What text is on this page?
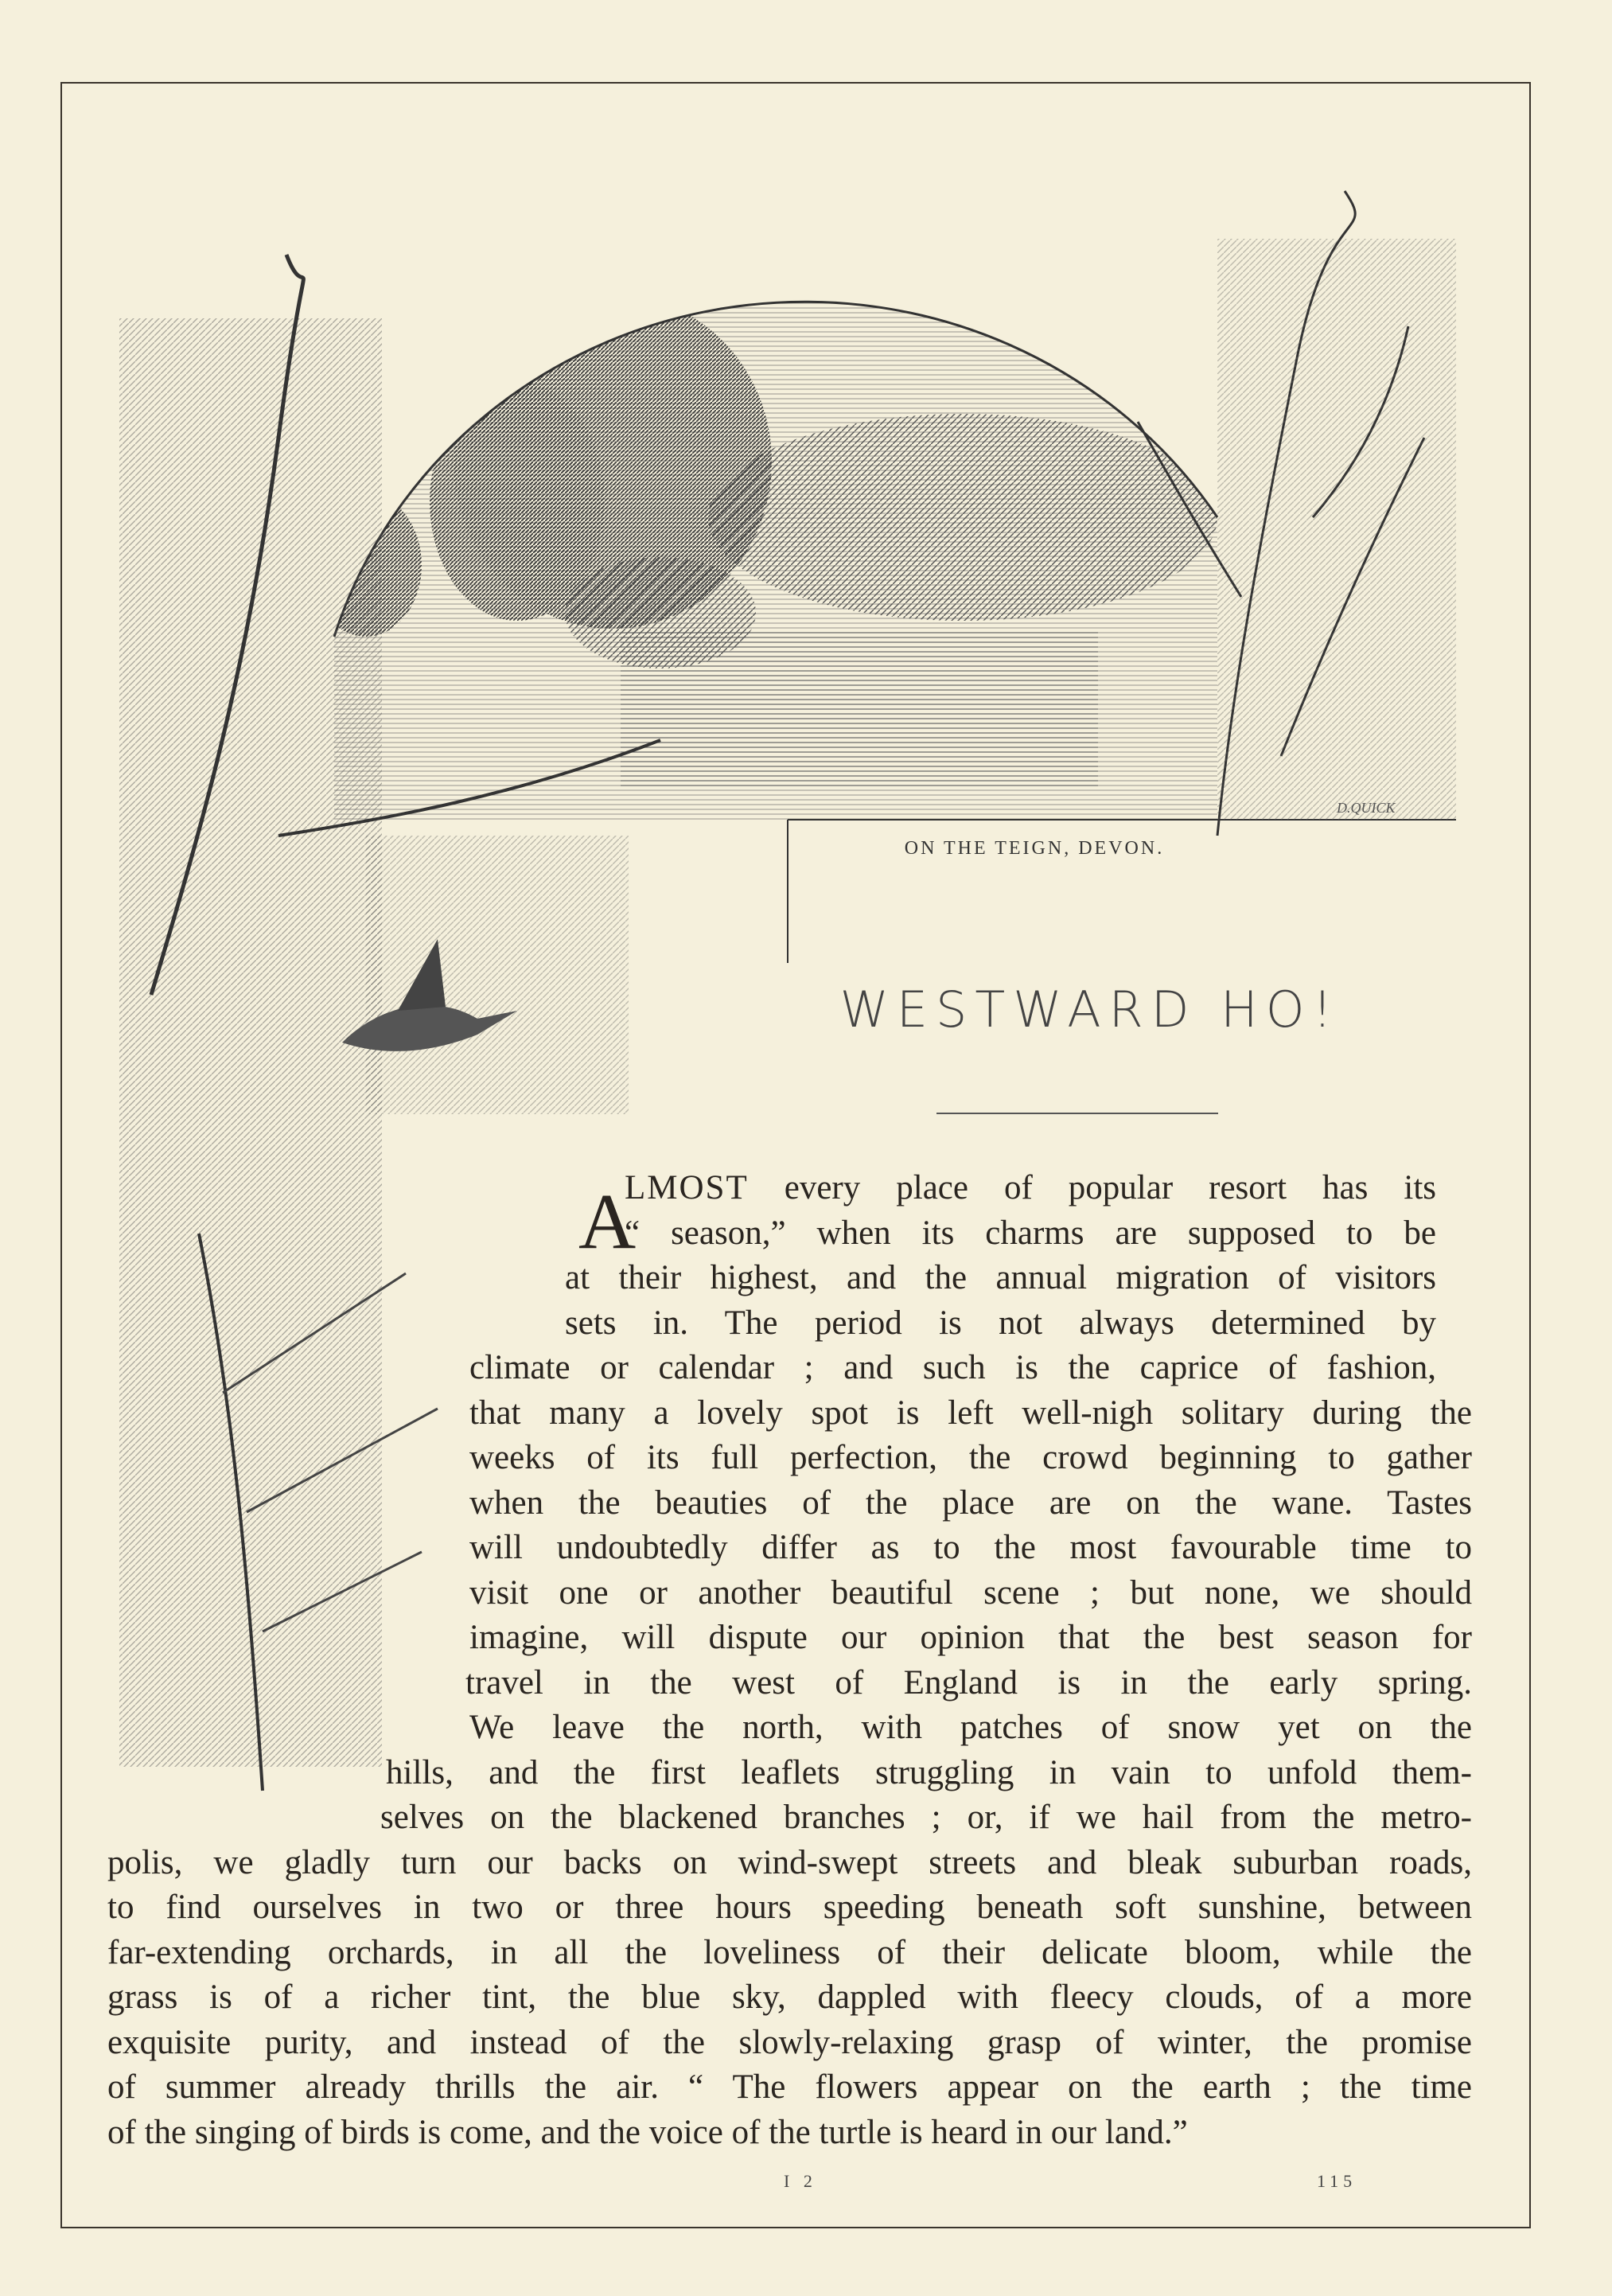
ON THE TEIGN, DEVON.
D.QUICK
WESTWARD HO!
A
LMOST every place of popular resort has its
“ season,” when its charms are supposed to be
at their highest, and the annual migration of visitors
sets in. The period is not always determined by
climate or calendar ; and such is the caprice of fashion,
that many a lovely spot is left well-nigh solitary during the
weeks of its full perfection, the crowd beginning to gather
when the beauties of the place are on the wane. Tastes
will undoubtedly differ as to the most favourable time to
visit one or another beautiful scene ; but none, we should
imagine, will dispute our opinion that the best season for
travel in the west of England is in the early spring.
We leave the north, with patches of snow yet on the
hills, and the first leaflets struggling in vain to unfold them-
selves on the blackened branches ; or, if we hail from the metro-
polis, we gladly turn our backs on wind-swept streets and bleak suburban roads,
to find ourselves in two or three hours speeding beneath soft sunshine, between
far-extending orchards, in all the loveliness of their delicate bloom, while the
grass is of a richer tint, the blue sky, dappled with fleecy clouds, of a more
exquisite purity, and instead of the slowly-relaxing grasp of winter, the promise
of summer already thrills the air. “ The flowers appear on the earth ; the time
of the singing of birds is come, and the voice of the turtle is heard in our land.”
I 2	115
